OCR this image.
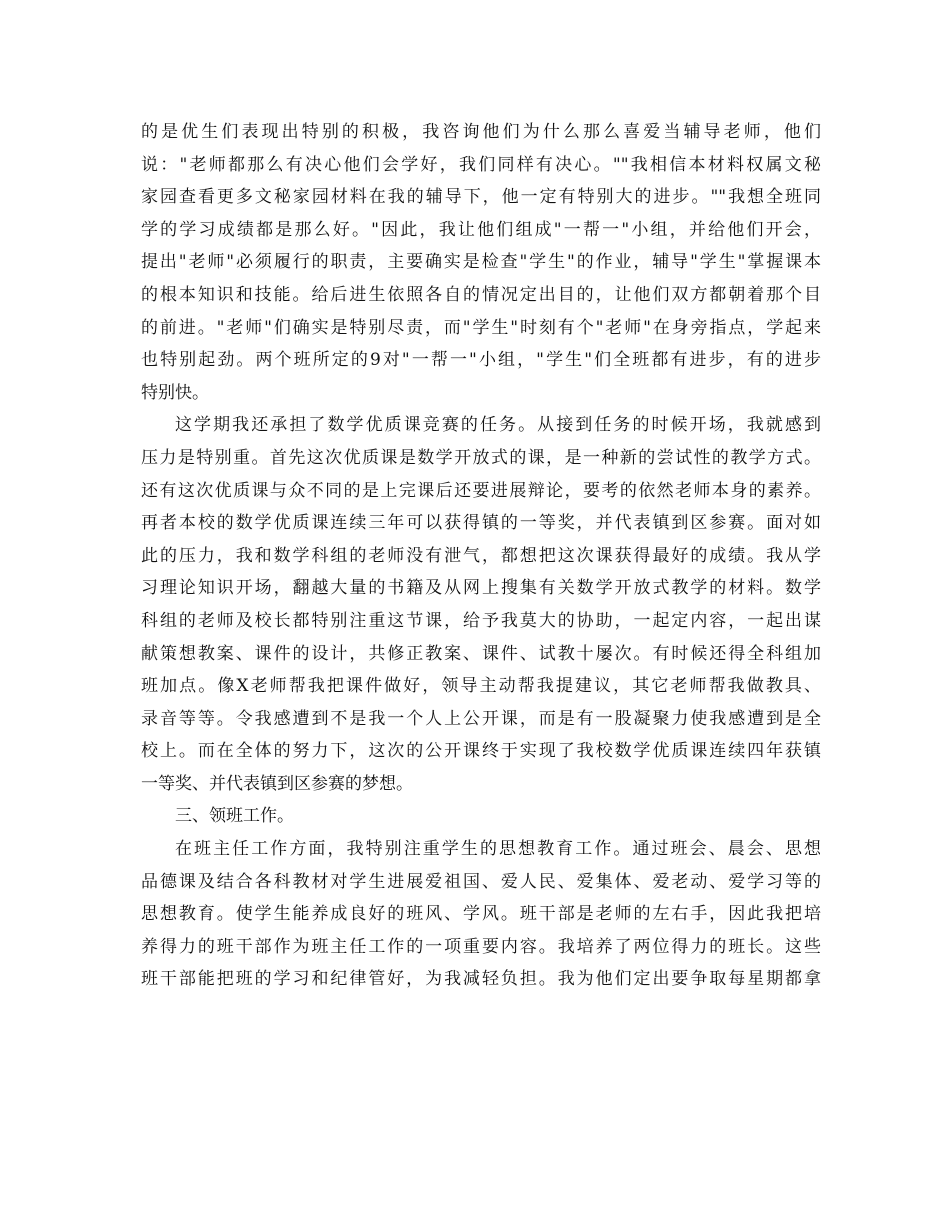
的是优生们表现出特别的积极，我咨询他们为什么那么喜爱当辅导老师，他们
说："老师都那么有决心他们会学好，我们同样有决心。""我相信本材料权属文秘
家园查看更多文秘家园材料在我的辅导下，他一定有特别大的进步。""我想全班同
学的学习成绩都是那么好。"因此，我让他们组成"一帮一"小组，并给他们开会，
提出"老师"必须履行的职责，主要确实是检查"学生"的作业，辅导"学生"掌握课本
的根本知识和技能。给后进生依照各自的情况定出目的，让他们双方都朝着那个目
的前进。"老师"们确实是特别尽责，而"学生"时刻有个"老师"在身旁指点，学起来
也特别起劲。两个班所定的9对"一帮一"小组，"学生"们全班都有进步，有的进步
特别快。
这学期我还承担了数学优质课竞赛的任务。从接到任务的时候开场，我就感到
压力是特别重。首先这次优质课是数学开放式的课，是一种新的尝试性的教学方式。
还有这次优质课与众不同的是上完课后还要进展辩论，要考的依然老师本身的素养。
再者本校的数学优质课连续三年可以获得镇的一等奖，并代表镇到区参赛。面对如
此的压力，我和数学科组的老师没有泄气，都想把这次课获得最好的成绩。我从学
习理论知识开场，翻越大量的书籍及从网上搜集有关数学开放式教学的材料。数学
科组的老师及校长都特别注重这节课，给予我莫大的协助，一起定内容，一起出谋
献策想教案、课件的设计，共修正教案、课件、试教十屡次。有时候还得全科组加
班加点。像X老师帮我把课件做好，领导主动帮我提建议，其它老师帮我做教具、
录音等等。令我感遭到不是我一个人上公开课，而是有一股凝聚力使我感遭到是全
校上。而在全体的努力下，这次的公开课终于实现了我校数学优质课连续四年获镇
一等奖、并代表镇到区参赛的梦想。
三、领班工作。
在班主任工作方面，我特别注重学生的思想教育工作。通过班会、晨会、思想
品德课及结合各科教材对学生进展爱祖国、爱人民、爱集体、爱老动、爱学习等的
思想教育。使学生能养成良好的班风、学风。班干部是老师的左右手，因此我把培
养得力的班干部作为班主任工作的一项重要内容。我培养了两位得力的班长。这些
班干部能把班的学习和纪律管好，为我减轻负担。我为他们定出要争取每星期都拿
